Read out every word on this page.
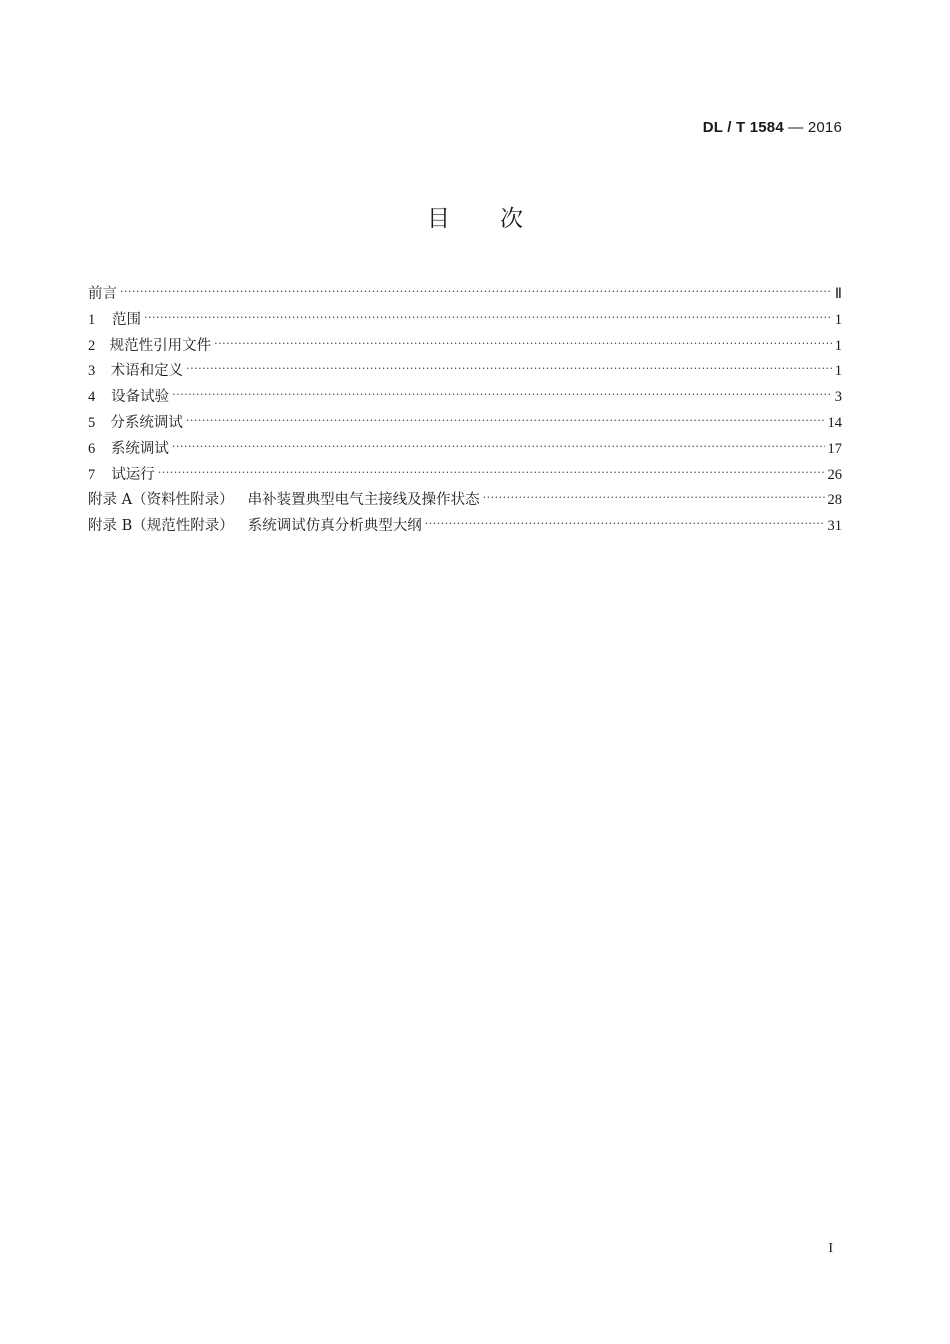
DL / T 1584 — 2016
目次
前言 ·····	Ⅱ
1	范围 ·····	1
2 规范性引用文件 ·····	1
3	术语和定义 ·····	1
4	设备试验 ·····	3
5	分系统调试 ·····	14
6	系统调试 ·····	17
7	试运行 ·····	26
附录 A（资料性附录） 串补装置典型电气主接线及操作状态 ·····	28
附录 B（规范性附录） 系统调试仿真分析典型大纲 ·····	31
I
